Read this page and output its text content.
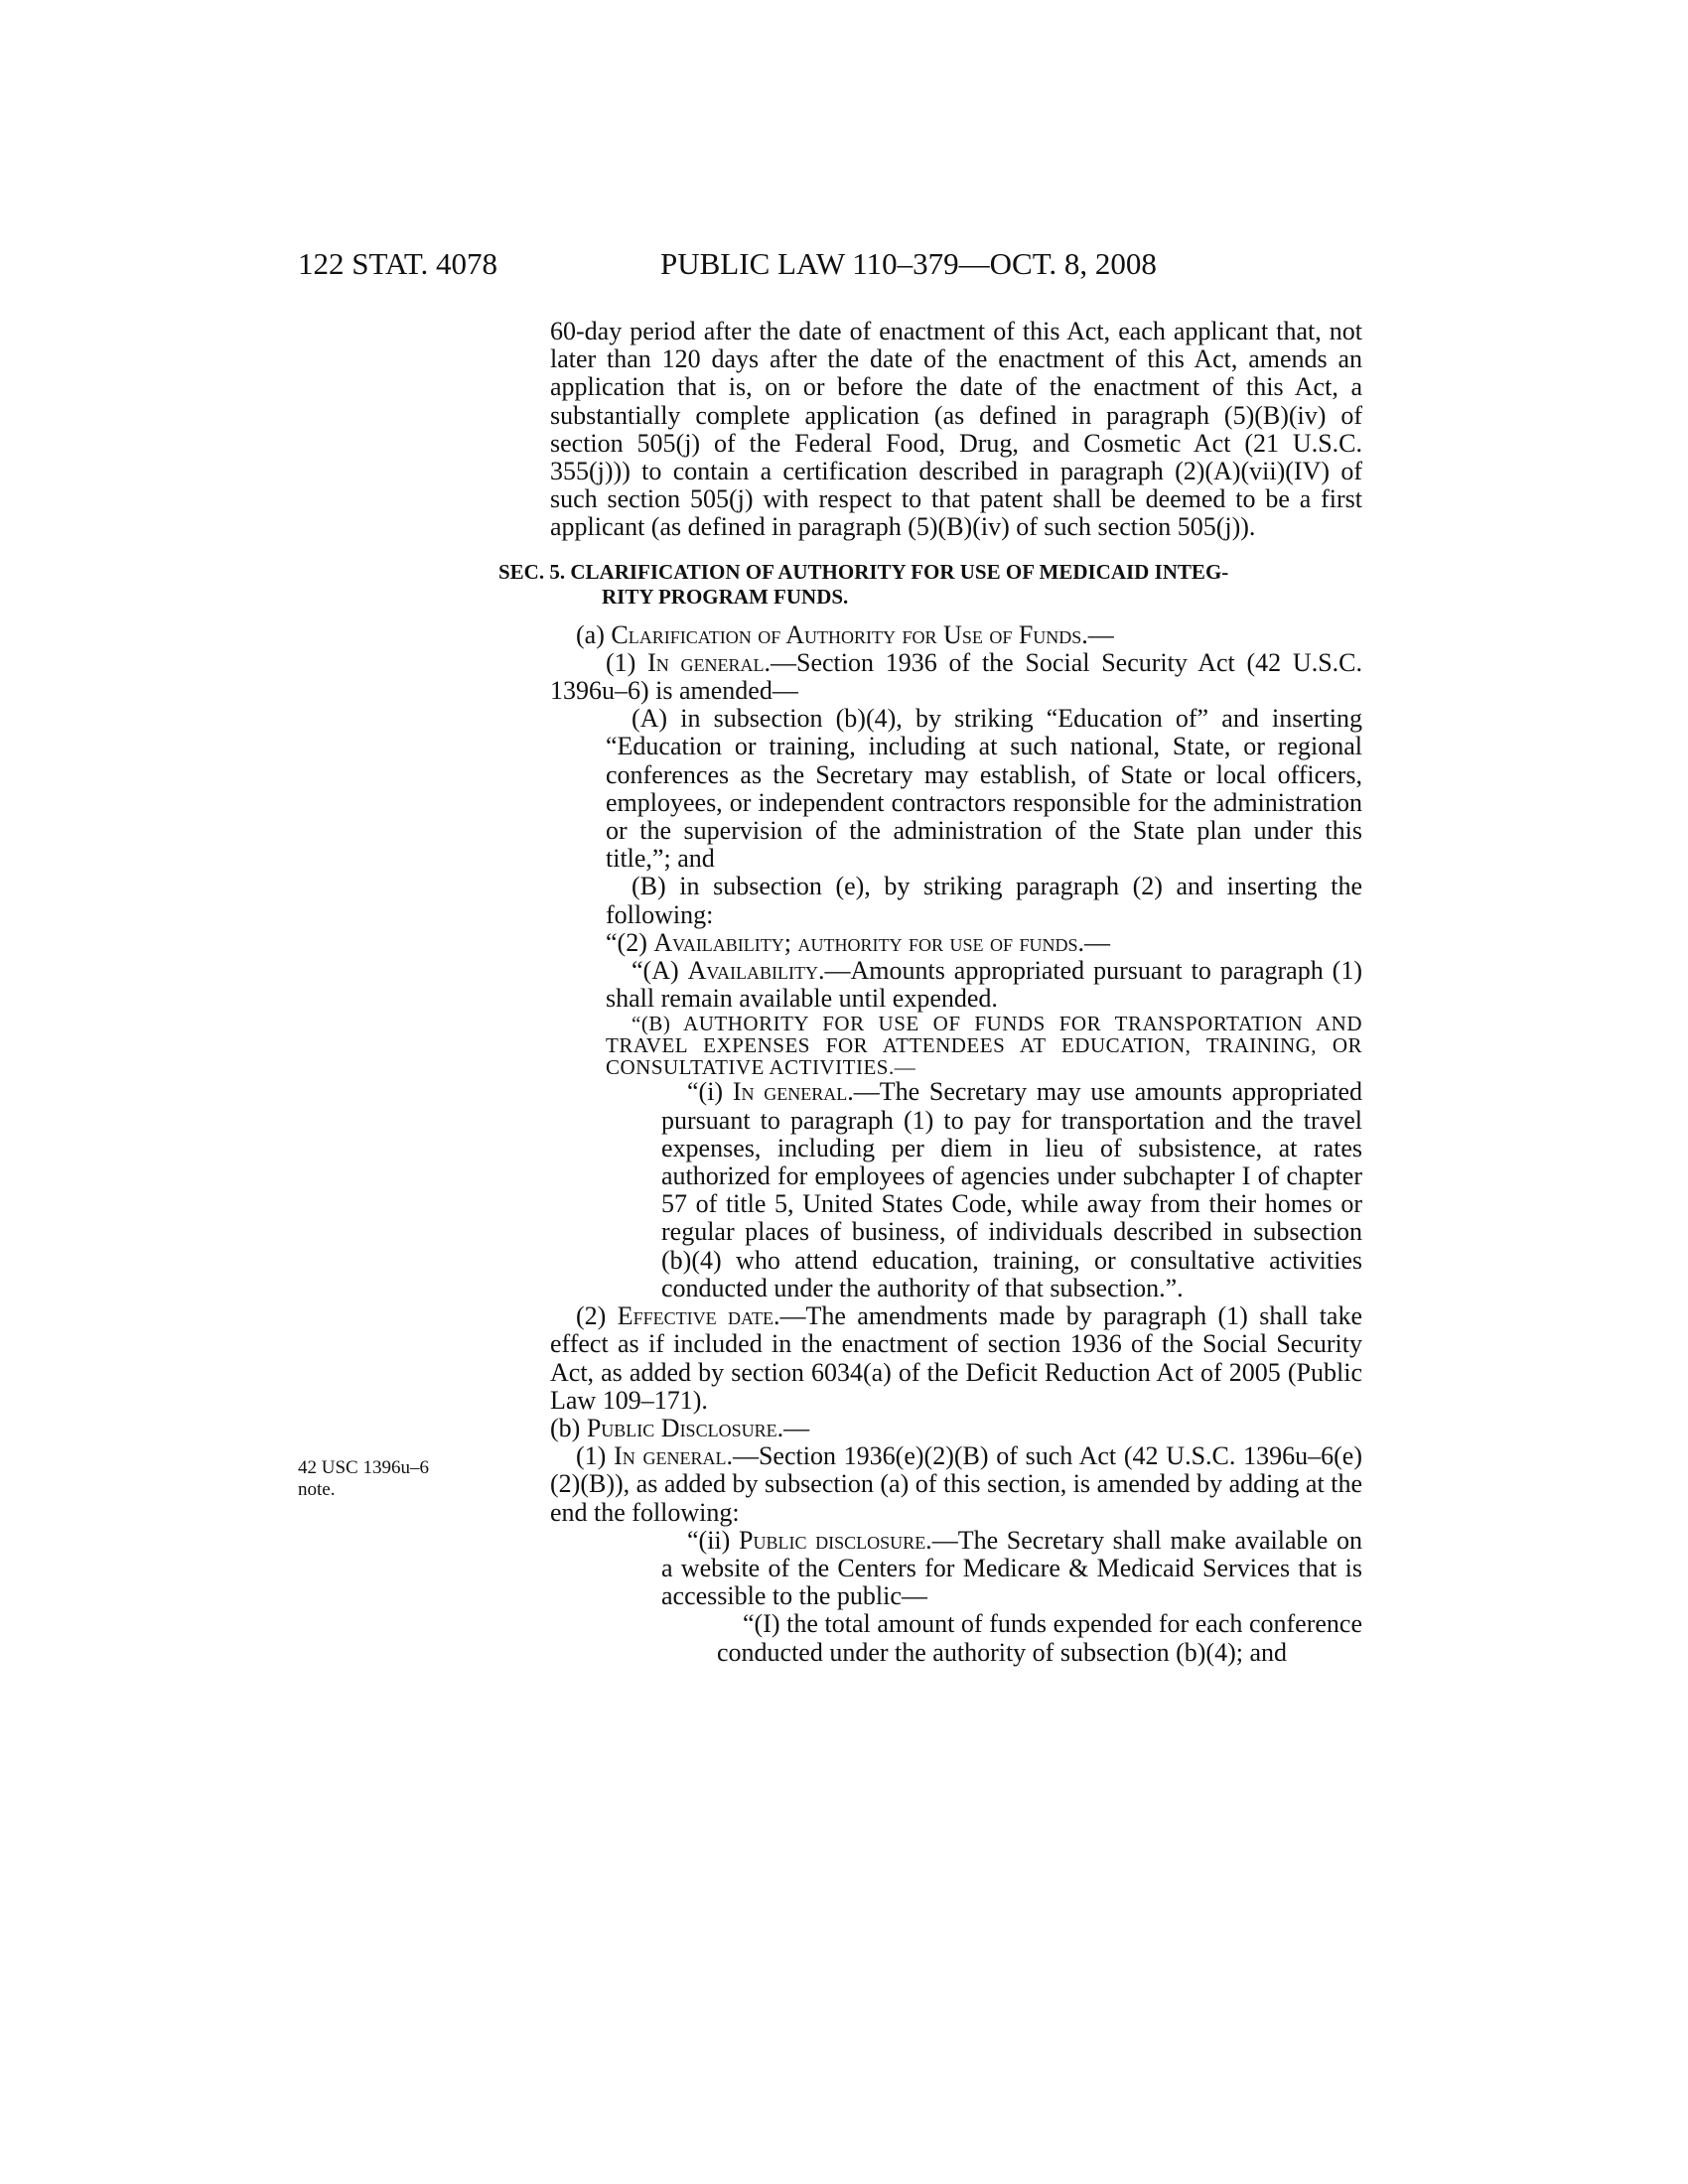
122 STAT. 4078	PUBLIC LAW 110–379—OCT. 8, 2008
42 USC 1396u–6
note.

60-day period after the date of enactment of this Act, each applicant that, not later than 120 days after the date of the enactment of this Act, amends an application that is, on or before the date of the enactment of this Act, a substantially complete application (as defined in paragraph (5)(B)(iv) of section 505(j) of the Federal Food, Drug, and Cosmetic Act (21 U.S.C. 355(j))) to contain a certification described in paragraph (2)(A)(vii)(IV) of such section 505(j) with respect to that patent shall be deemed to be a first applicant (as defined in paragraph (5)(B)(iv) of such section 505(j)).

SEC. 5. CLARIFICATION OF AUTHORITY FOR USE OF MEDICAID INTEG-
RITY PROGRAM FUNDS.

(a) Clarification of Authority for Use of Funds.—

(1) In general.—Section 1936 of the Social Security Act (42 U.S.C. 1396u–6) is amended—

(A) in subsection (b)(4), by striking “Education of” and inserting “Education or training, including at such national, State, or regional conferences as the Secretary may establish, of State or local officers, employees, or independent contractors responsible for the administration or the supervision of the administration of the State plan under this title,”; and

(B) in subsection (e), by striking paragraph (2) and inserting the following:

“(2) Availability; authority for use of funds.—

“(A) Availability.—Amounts appropriated pursuant to paragraph (1) shall remain available until expended.

“(B) AUTHORITY FOR USE OF FUNDS FOR TRANSPORTATION AND TRAVEL EXPENSES FOR ATTENDEES AT EDUCATION, TRAINING, OR CONSULTATIVE ACTIVITIES.—

“(i) In general.—The Secretary may use amounts appropriated pursuant to paragraph (1) to pay for transportation and the travel expenses, including per diem in lieu of subsistence, at rates authorized for employees of agencies under subchapter I of chapter 57 of title 5, United States Code, while away from their homes or regular places of business, of individuals described in subsection (b)(4) who attend education, training, or consultative activities conducted under the authority of that subsection.”.

(2) Effective date.—The amendments made by paragraph (1) shall take effect as if included in the enactment of section 1936 of the Social Security Act, as added by section 6034(a) of the Deficit Reduction Act of 2005 (Public Law 109–171).

(b) Public Disclosure.—

(1) In general.—Section 1936(e)(2)(B) of such Act (42 U.S.C. 1396u–6(e)(2)(B)), as added by subsection (a) of this section, is amended by adding at the end the following:

“(ii) Public disclosure.—The Secretary shall make available on a website of the Centers for Medicare & Medicaid Services that is accessible to the public—

“(I) the total amount of funds expended for each conference conducted under the authority of subsection (b)(4); and
